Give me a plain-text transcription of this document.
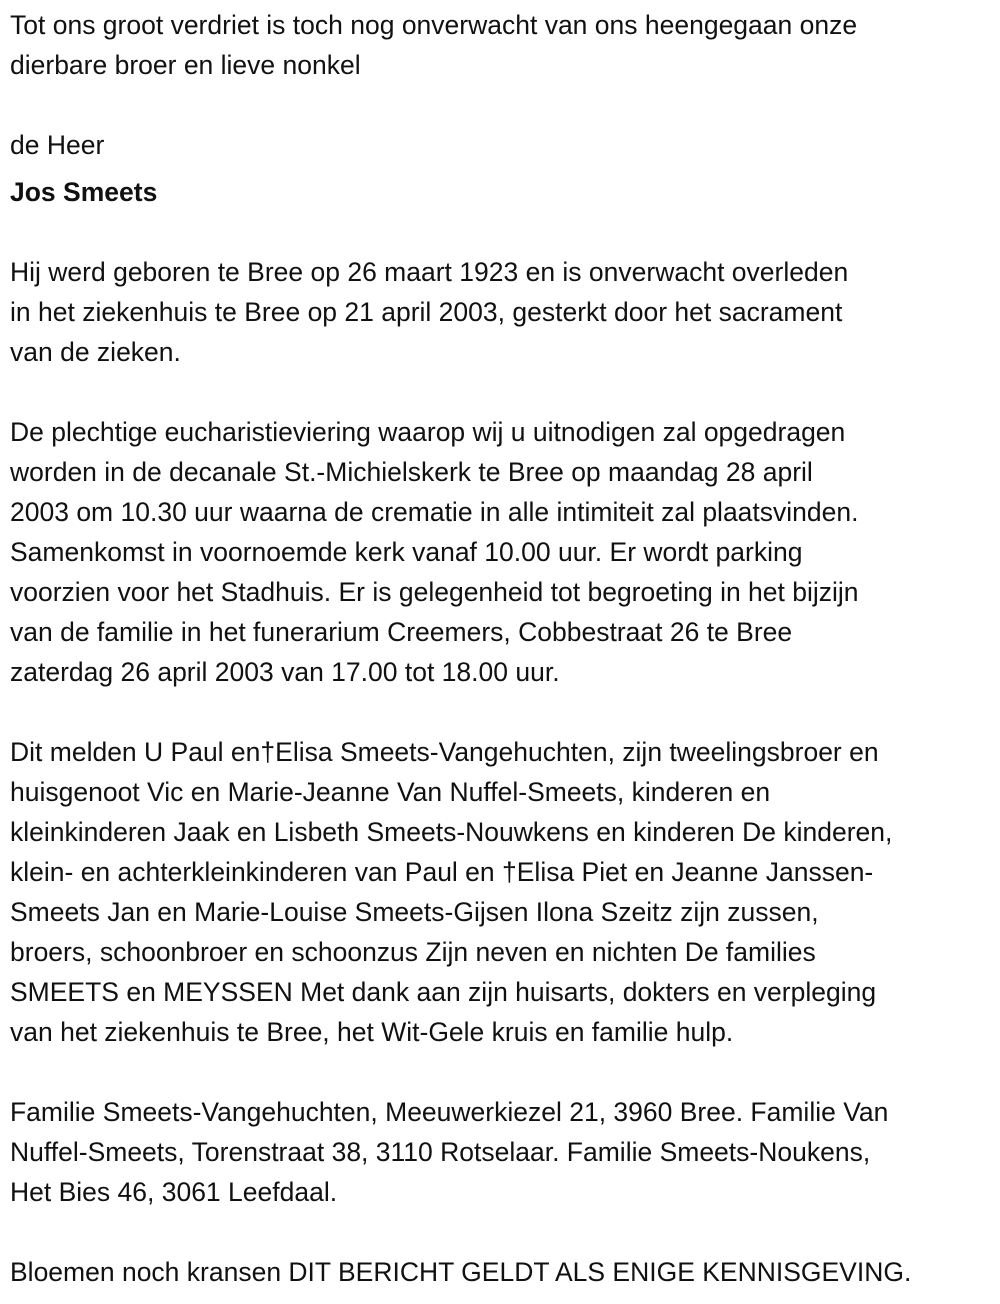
Tot ons groot verdriet is toch nog onverwacht van ons heengegaan onze
dierbare broer en lieve nonkel
de Heer
Jos Smeets
Hij werd geboren te Bree op 26 maart 1923 en is onverwacht overleden
in het ziekenhuis te Bree op 21 april 2003, gesterkt door het sacrament
van de zieken.
De plechtige eucharistieviering waarop wij u uitnodigen zal opgedragen
worden in de decanale St.-Michielskerk te Bree op maandag 28 april
2003 om 10.30 uur waarna de crematie in alle intimiteit zal plaatsvinden.
Samenkomst in voornoemde kerk vanaf 10.00 uur. Er wordt parking
voorzien voor het Stadhuis. Er is gelegenheid tot begroeting in het bijzijn
van de familie in het funerarium Creemers, Cobbestraat 26 te Bree
zaterdag 26 april 2003 van 17.00 tot 18.00 uur.
Dit melden U Paul en†Elisa Smeets-Vangehuchten, zijn tweelingsbroer en
huisgenoot Vic en Marie-Jeanne Van Nuffel-Smeets, kinderen en
kleinkinderen Jaak en Lisbeth Smeets-Nouwkens en kinderen De kinderen,
klein- en achterkleinkinderen van Paul en †Elisa Piet en Jeanne Janssen-
Smeets Jan en Marie-Louise Smeets-Gijsen Ilona Szeitz zijn zussen,
broers, schoonbroer en schoonzus Zijn neven en nichten De families
SMEETS en MEYSSEN Met dank aan zijn huisarts, dokters en verpleging
van het ziekenhuis te Bree, het Wit-Gele kruis en familie hulp.
Familie Smeets-Vangehuchten, Meeuwerkiezel 21, 3960 Bree. Familie Van
Nuffel-Smeets, Torenstraat 38, 3110 Rotselaar. Familie Smeets-Noukens,
Het Bies 46, 3061 Leefdaal.
Bloemen noch kransen DIT BERICHT GELDT ALS ENIGE KENNISGEVING.
